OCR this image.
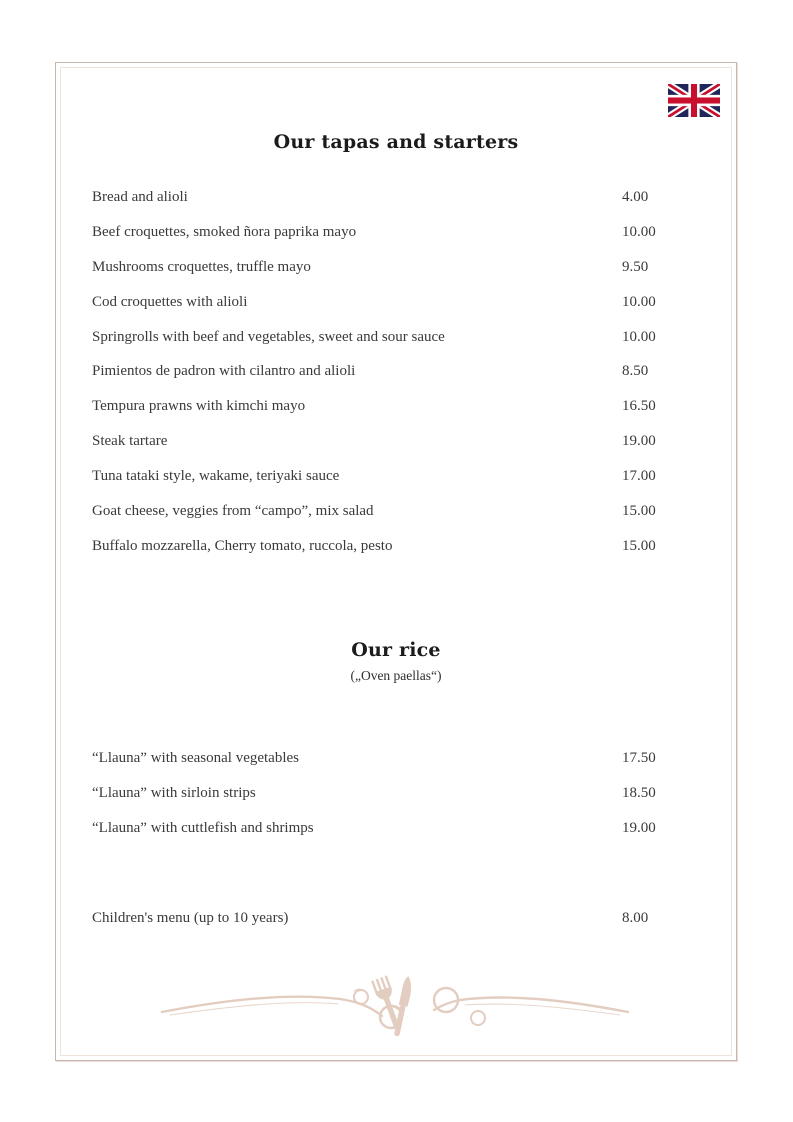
Our tapas and starters
Bread and alioli	4.00
Beef croquettes, smoked ñora paprika mayo	10.00
Mushrooms croquettes, truffle mayo	9.50
Cod croquettes with alioli	10.00
Springrolls with beef and vegetables, sweet and sour sauce	10.00
Pimientos de padron with cilantro and alioli	8.50
Tempura prawns with kimchi mayo	16.50
Steak tartare	19.00
Tuna tataki style, wakame, teriyaki sauce	17.00
Goat cheese, veggies from “campo”, mix salad	15.00
Buffalo mozzarella, Cherry tomato, ruccola, pesto	15.00
Our rice
(„Oven paellas“)
“Llauna” with seasonal vegetables	17.50
“Llauna” with sirloin strips	18.50
“Llauna” with cuttlefish and shrimps	19.00
Children's menu (up to 10 years)	8.00
